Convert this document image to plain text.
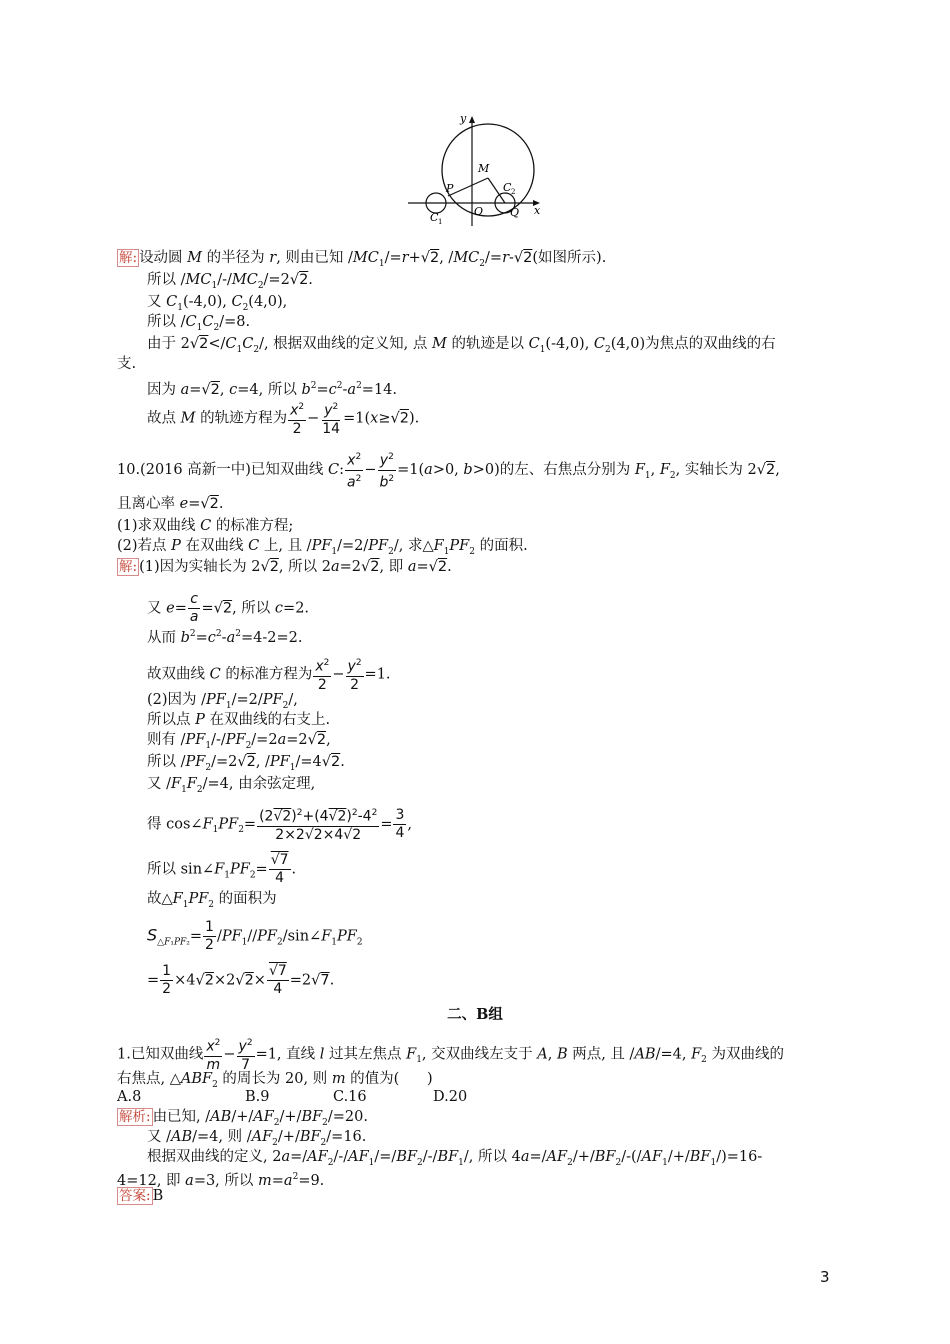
y
x
M
P
C 1
C 2
O Q
解: 设动圆 M 的半径为 r, 则由已知 $/MC_1/=r+√2$, $/MC_2/=r-√2$(如图所示).
所以 $/MC_1/-/MC_2/=2√2$.
又 $C_1(-4,0)$, $C_2(4,0)$,
所以 $/C_1C_2/=8$.
由于 $2√2</C_1C_2/$, 根据双曲线的定义知, 点 M 的轨迹是以 $C_1(-4,0)$, $C_2(4,0)$为焦点的双曲线的右
支.
因为 a=√2, c=4, 所以 $b^2=c^2-a^2=14$.
故点 M 的轨迹方程为 $\frac{x^2}{2} - \frac{y^2}{14} =1(x\ge√2)$.
10.(2016 高新一中)已知双曲线 C: $\frac{x^2}{a^2} - \frac{y^2}{b^2} =1(a>0$, b>0)的左、右焦点分别为 $F_1$, $F_2$, 实轴长为 2√2,
且离心率 e=√2.
(1)求双曲线 C 的标准方程;
(2)若点 P 在双曲线 C 上, 且 $/PF_1/=2/PF_2/$, 求$\triangle F_1PF_2$ 的面积.
解: (1)因为实轴长为 2√2, 所以 2a=2√2, 即 a=√2.
又 $e= \frac{c}{a} =√2$, 所以 c=2.
从而 $b^2=c^2-a^2=4-2=2$.
故双曲线 C 的标准方程为 $\frac{x^2}{2} - \frac{y^2}{2} =1$.
(2)因为 $/PF_1/=2/PF_2/$,
所以点 P 在双曲线的右支上.
则有 $/PF_1/-/PF_2/=2a=2√2$,
所以 $/PF_2/=2√2$, $/PF_1/=4√2$.
又 $/F_1F_2/=4$, 由余弦定理,
得 $\cos\angle F_1PF_2= \frac{(2√2)^2+(4√2)^2-4^2}{2\times 2√2\times 4√2} = \frac{3}{4}$ ,
所以 $\sin\angle F_1PF_2= \frac{√7}{4}$ .
故$\triangle F_1PF_2$ 的面积为
$S_{\triangle F_1PF_2}= \frac{1}{2}$ $/PF_1//PF_2/\sin\angle F_1PF_2$
= $\frac{1}{2} \times 4√2\times 2√2\times \frac{√7}{4} =2√7$.
二、B组
1.已知双曲线 $\frac{x^2}{m} - \frac{y^2}{7} =1$, 直线 l 过其左焦点 $F_1$, 交双曲线左支于 A, B 两点, 且 /AB/=4, $F_2$ 为双曲线的
右焦点, $\triangle ABF_2$ 的周长为 20, 则 m 的值为(      )
A.8	B.9	C.16	D.20
解析: 由已知, $/AB/+/AF_2/+/BF_2/=20$.
又 /AB/=4, 则 $/AF_2/+/BF_2/=16$.
根据双曲线的定义, $2a=/AF_2/-/AF_1/=/BF_2/-/BF_1/$, 所以 $4a=/AF_2/+/BF_2/-(/AF_1/+/BF_1/)=16-$
4=12, 即 a=3, 所以 $m=a^2=9$.
答案: B
3
